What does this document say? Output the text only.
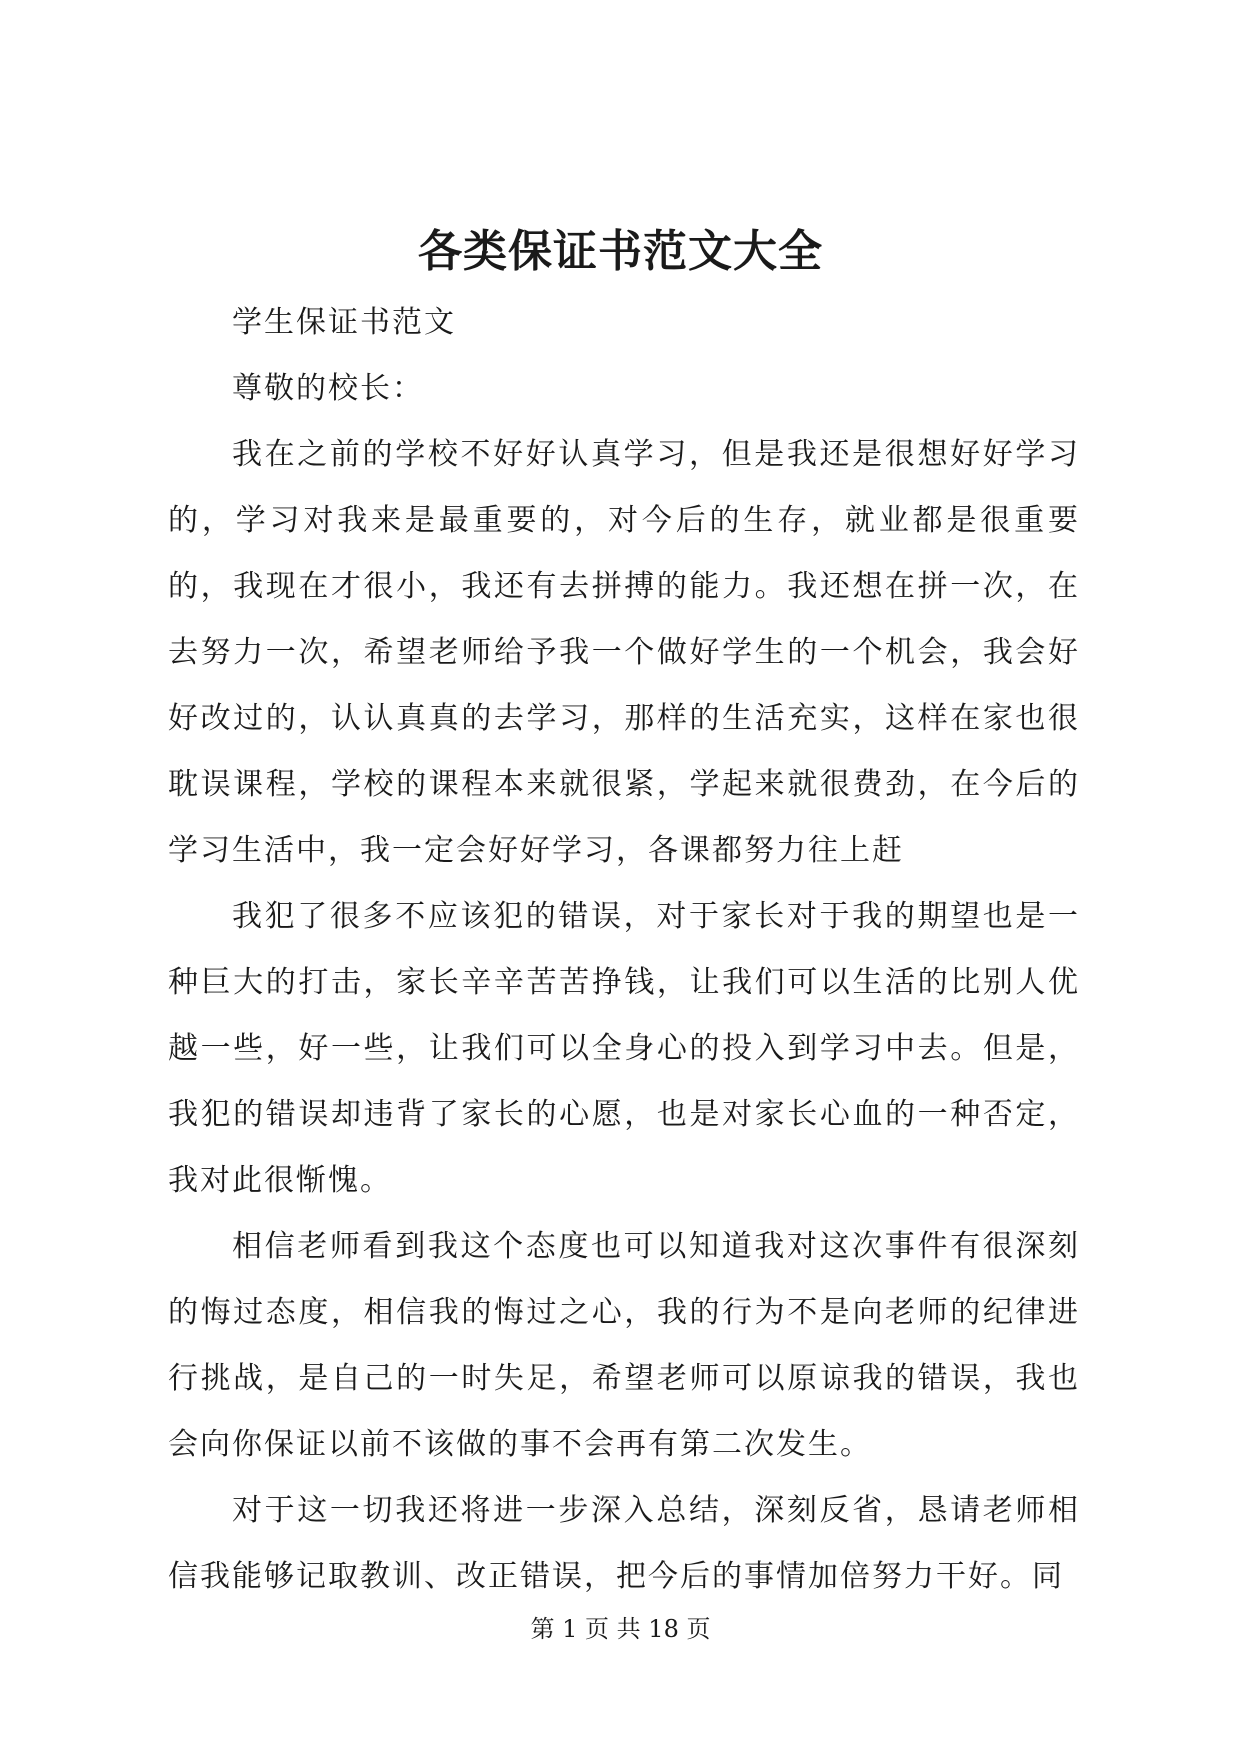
各类保证书范文大全

学生保证书范文

尊敬的校长：

我在之前的学校不好好认真学习，但是我还是很想好好学习的，学习对我来是最重要的，对今后的生存，就业都是很重要的，我现在才很小，我还有去拼搏的能力。我还想在拼一次，在去努力一次，希望老师给予我一个做好学生的一个机会，我会好好改过的，认认真真的去学习，那样的生活充实，这样在家也很耽误课程，学校的课程本来就很紧，学起来就很费劲，在今后的学习生活中，我一定会好好学习，各课都努力往上赶

我犯了很多不应该犯的错误，对于家长对于我的期望也是一种巨大的打击，家长辛辛苦苦挣钱，让我们可以生活的比别人优越一些，好一些，让我们可以全身心的投入到学习中去。但是，我犯的错误却违背了家长的心愿，也是对家长心血的一种否定，我对此很惭愧。

相信老师看到我这个态度也可以知道我对这次事件有很深刻的悔过态度，相信我的悔过之心，我的行为不是向老师的纪律进行挑战，是自己的一时失足，希望老师可以原谅我的错误，我也会向你保证以前不该做的事不会再有第二次发生。

对于这一切我还将进一步深入总结，深刻反省，恳请老师相信我能够记取教训、改正错误，把今后的事情加倍努力干好。同

第 1 页 共 18 页
